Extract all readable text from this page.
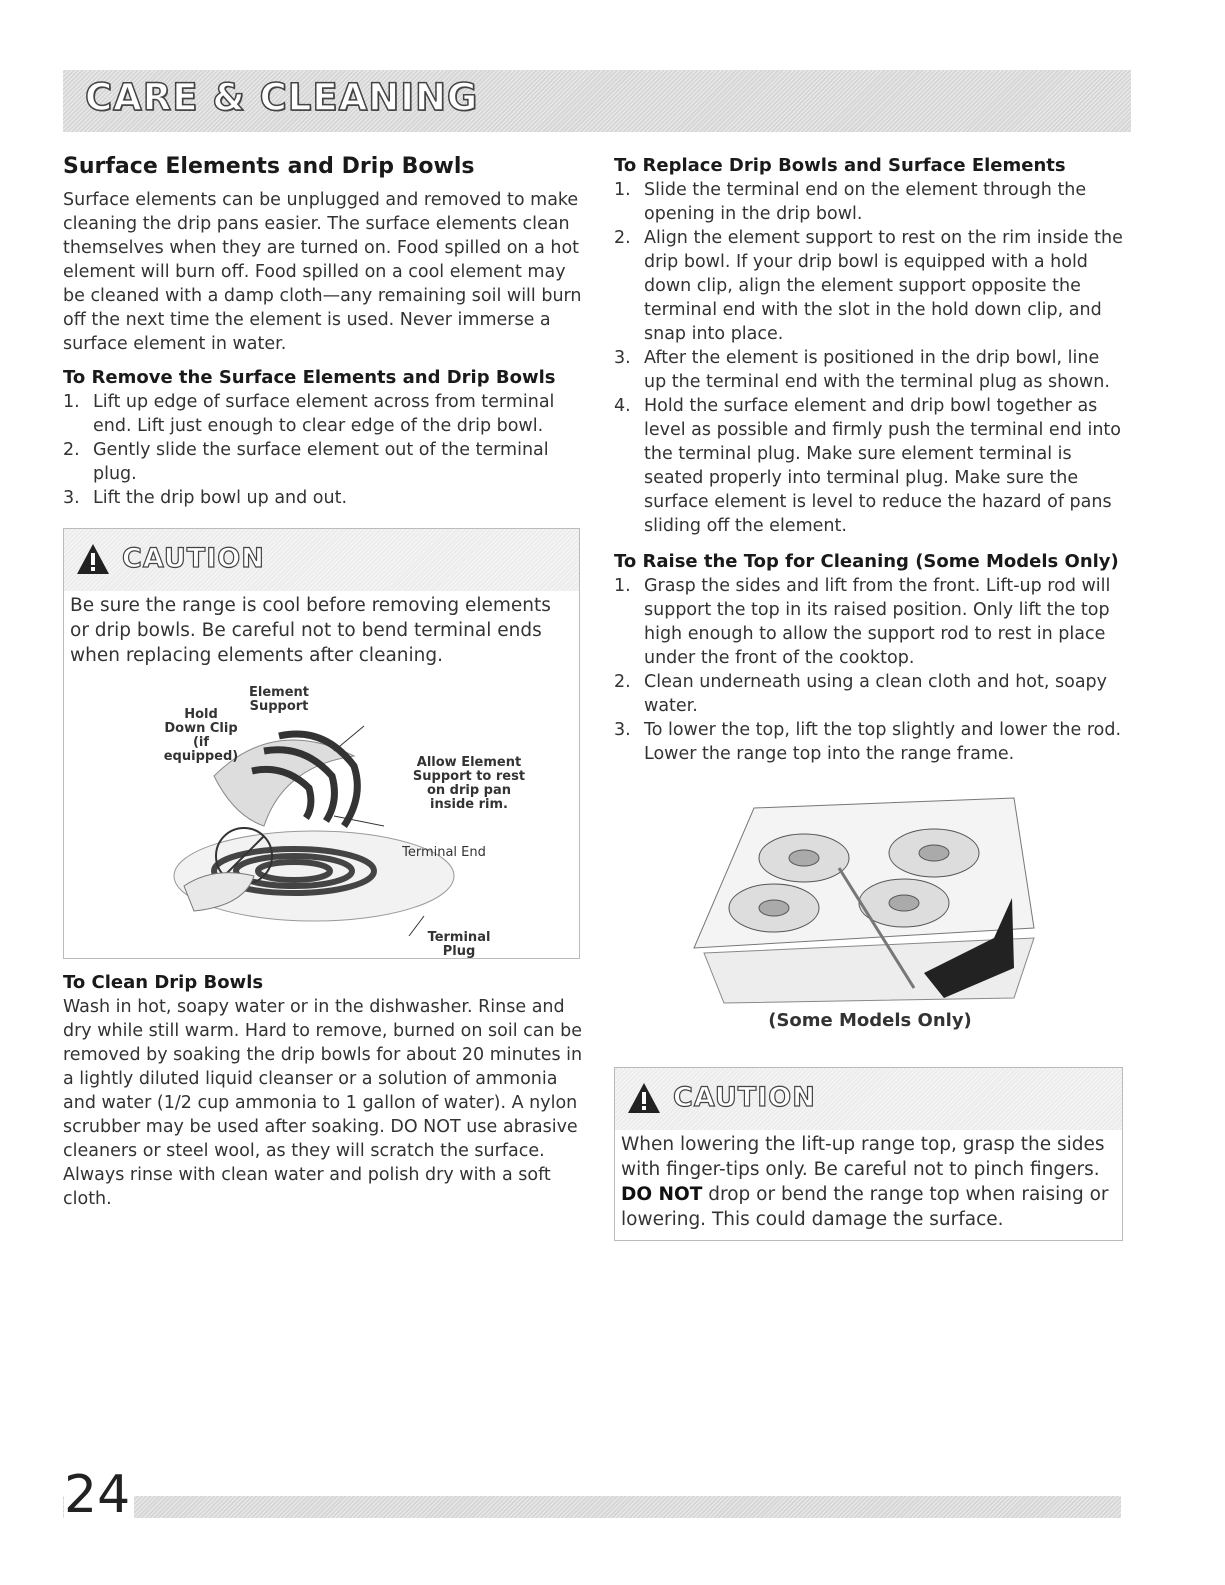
CARE & CLEANING
Surface Elements and Drip Bowls

Surface elements can be unplugged and removed to make cleaning the drip pans easier. The surface elements clean themselves when they are turned on. Food spilled on a hot element will burn off. Food spilled on a cool element may be cleaned with a damp cloth—any remaining soil will burn off the next time the element is used. Never immerse a surface element in water.

To Remove the Surface Elements and Drip Bowls
1. Lift up edge of surface element across from terminal end. Lift just enough to clear edge of the drip bowl.
2. Gently slide the surface element out of the terminal plug.
3. Lift the drip bowl up and out.
CAUTION
Be sure the range is cool before removing elements or drip bowls. Be careful not to bend terminal ends when replacing elements after cleaning.
Hold Down Clip (if equipped)
Element Support
Allow Element Support to rest on drip pan inside rim.
Terminal End
Terminal Plug
To Clean Drip Bowls

Wash in hot, soapy water or in the dishwasher. Rinse and dry while still warm. Hard to remove, burned on soil can be removed by soaking the drip bowls for about 20 minutes in a lightly diluted liquid cleanser or a solution of ammonia and water (1/2 cup ammonia to 1 gallon of water). A nylon scrubber may be used after soaking. DO NOT use abrasive cleaners or steel wool, as they will scratch the surface. Always rinse with clean water and polish dry with a soft cloth.

To Replace Drip Bowls and Surface Elements
1. Slide the terminal end on the element through the opening in the drip bowl.
2. Align the element support to rest on the rim inside the drip bowl. If your drip bowl is equipped with a hold down clip, align the element support opposite the terminal end with the slot in the hold down clip, and snap into place.
3. After the element is positioned in the drip bowl, line up the terminal end with the terminal plug as shown.
4. Hold the surface element and drip bowl together as level as possible and firmly push the terminal end into the terminal plug. Make sure element terminal is seated properly into terminal plug. Make sure the surface element is level to reduce the hazard of pans sliding off the element.
To Raise the Top for Cleaning (Some Models Only)
1. Grasp the sides and lift from the front. Lift-up rod will support the top in its raised position. Only lift the top high enough to allow the support rod to rest in place under the front of the cooktop.
2. Clean underneath using a clean cloth and hot, soapy water.
3. To lower the top, lift the top slightly and lower the rod. Lower the range top into the range frame.
(Some Models Only)
CAUTION
When lowering the lift-up range top, grasp the sides with finger-tips only. Be careful not to pinch fingers. DO NOT drop or bend the range top when raising or lowering. This could damage the surface.
24
